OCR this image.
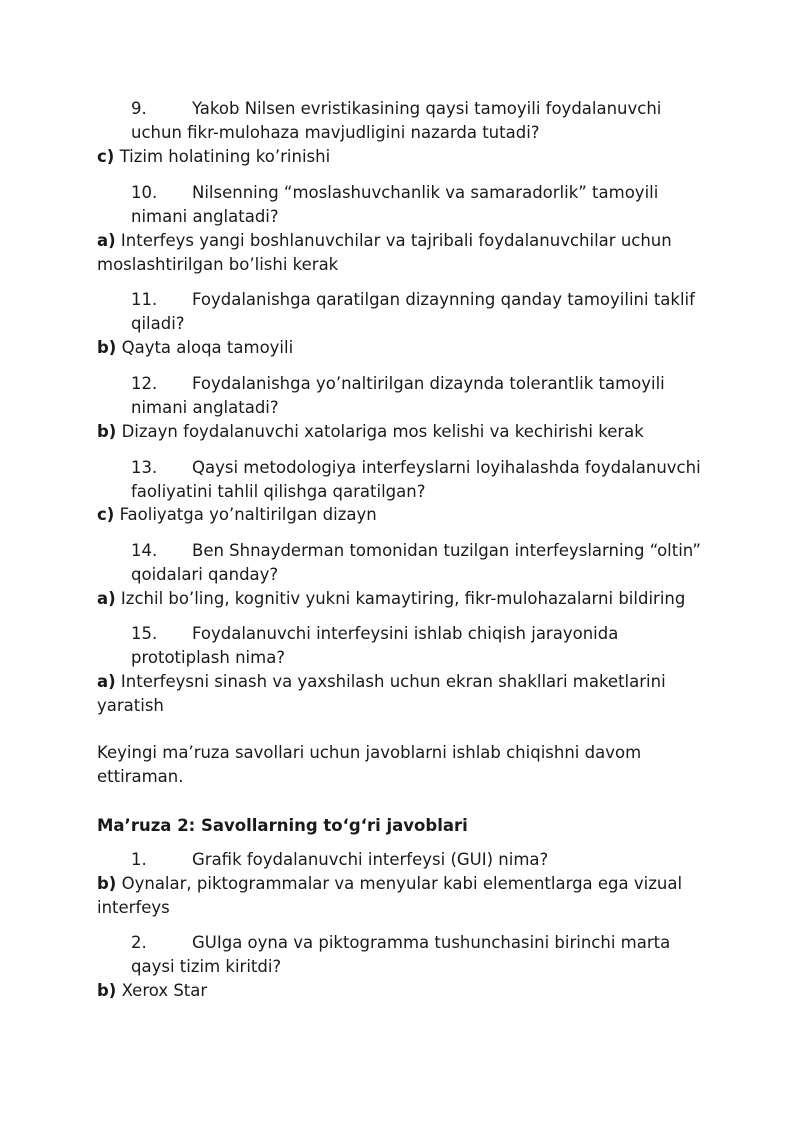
9.	Yakob Nilsen evristikasining qaysi tamoyili foydalanuvchi uchun fikr-mulohaza mavjudligini nazarda tutadi?
c) Tizim holatining ko’rinishi
10.	Nilsenning “moslashuvchanlik va samaradorlik” tamoyili nimani anglatadi?
a) Interfeys yangi boshlanuvchilar va tajribali foydalanuvchilar uchun moslashtirilgan bo’lishi kerak
11.	Foydalanishga qaratilgan dizaynning qanday tamoyilini taklif qiladi?
b) Qayta aloqa tamoyili
12.	Foydalanishga yo’naltirilgan dizaynda tolerantlik tamoyili nimani anglatadi?
b) Dizayn foydalanuvchi xatolariga mos kelishi va kechirishi kerak
13.	Qaysi metodologiya interfeyslarni loyihalashda foydalanuvchi faoliyatini tahlil qilishga qaratilgan?
c) Faoliyatga yo’naltirilgan dizayn
14.	Ben Shnayderman tomonidan tuzilgan interfeyslarning “oltin” qoidalari qanday?
a) Izchil bo’ling, kognitiv yukni kamaytiring, fikr-mulohazalarni bildiring
15.	Foydalanuvchi interfeysini ishlab chiqish jarayonida prototiplash nima?
a) Interfeysni sinash va yaxshilash uchun ekran shakllari maketlarini yaratish
Keyingi ma’ruza savollari uchun javoblarni ishlab chiqishni davom ettiraman.
Ma’ruza 2: Savollarning to‘g‘ri javoblari
1.	Grafik foydalanuvchi interfeysi (GUI) nima?
b) Oynalar, piktogrammalar va menyular kabi elementlarga ega vizual interfeys
2.	GUIga oyna va piktogramma tushunchasini birinchi marta qaysi tizim kiritdi?
b) Xerox Star
